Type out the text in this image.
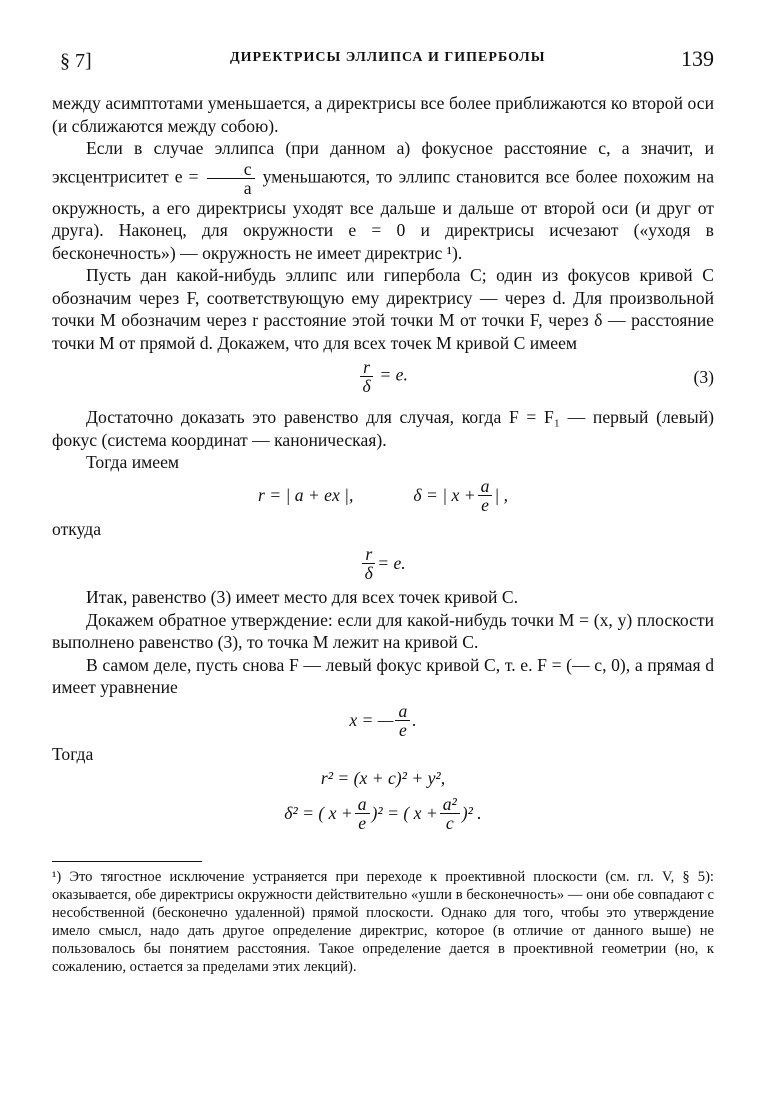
§ 7]	ДИРЕКТРИСЫ ЭЛЛИПСА И ГИПЕРБОЛЫ	139

между асимптотами уменьшается, а директрисы все более приближаются ко второй оси (и сближаются между собою).

Если в случае эллипса (при данном a) фокусное расстояние c, а значит, и эксцентриситет $e = \frac{c}{a}$ уменьшаются, то эллипс становится все более похожим на окружность, а его директрисы уходят все дальше и дальше от второй оси (и друг от друга). Наконец, для окружности e = 0 и директрисы исчезают («уходя в бесконечность») — окружность не имеет директрис ¹).

Пусть дан какой-нибудь эллипс или гипербола C; один из фокусов кривой C обозначим через F, соответствующую ему директрису — через d. Для произвольной точки M обозначим через r расстояние этой точки M от точки F, через δ — расстояние точки M от прямой d. Докажем, что для всех точек M кривой C имеем

$\frac{r}{\delta} = e$.	(3)

Достаточно доказать это равенство для случая, когда F = F₁ — первый (левый) фокус (система координат — каноническая).

Тогда имеем

r = | a + ex |,	δ = | $x + \frac{a}{e}$ | ,

откуда

$\frac{r}{\delta} = e$.

Итак, равенство (3) имеет место для всех точек кривой C.

Докажем обратное утверждение: если для какой-нибудь точки M = (x, y) плоскости выполнено равенство (3), то точка M лежит на кривой C.

В самом деле, пусть снова F — левый фокус кривой C, т. е. F = (— c, 0), а прямая d имеет уравнение

x = — $\frac{a}{e}$ .

Тогда

r² = (x + c)² + y²,
δ² = ( $x + \frac{a}{e} )^2$ = ( $x + \frac{\text{a²}}{c} )^2$ .

¹) Это тягостное исключение устраняется при переходе к проективной плоскости (см. гл. V, § 5): оказывается, обе директрисы окружности действительно «ушли в бесконечность» — они обе совпадают с несобственной (бесконечно удаленной) прямой плоскости. Однако для того, чтобы это утверждение имело смысл, надо дать другое определение директрис, которое (в отличие от данного выше) не пользовалось бы понятием расстояния. Такое определение дается в проективной геометрии (но, к сожалению, остается за пределами этих лекций).
